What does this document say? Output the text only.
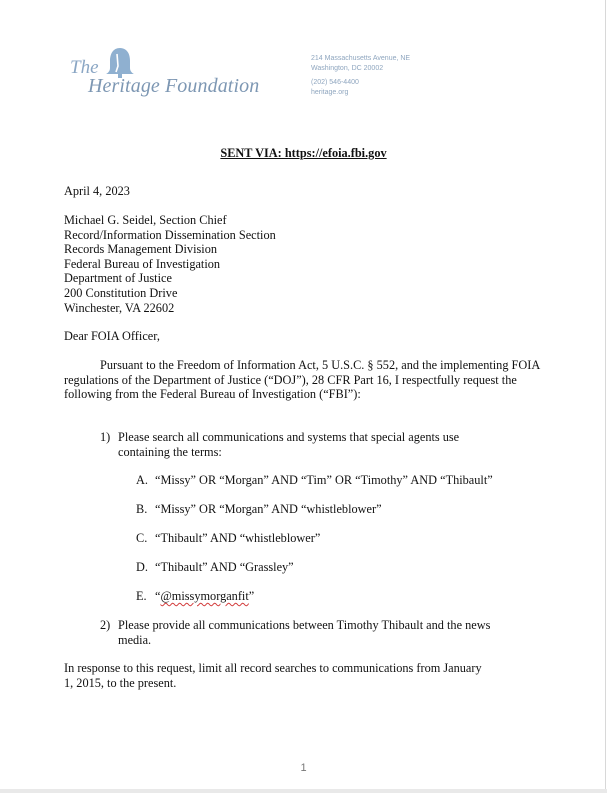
The
Heritage Foundation
214 Massachusetts Avenue, NE
Washington, DC 20002
(202) 546-4400
heritage.org
SENT VIA: https://efoia.fbi.gov
April 4, 2023
Michael G. Seidel, Section Chief
Record/Information Dissemination Section
Records Management Division
Federal Bureau of Investigation
Department of Justice
200 Constitution Drive
Winchester, VA 22602
Dear FOIA Officer,
Pursuant to the Freedom of Information Act, 5 U.S.C. § 552, and the implementing FOIA regulations of the Department of Justice (“DOJ”), 28 CFR Part 16, I respectfully request the following from the Federal Bureau of Investigation (“FBI”):
1) Please search all communications and systems that special agents use
containing the terms:
A. “Missy” OR “Morgan” AND “Tim” OR “Timothy” AND “Thibault”
B. “Missy” OR “Morgan” AND “whistleblower”
C. “Thibault” AND “whistleblower”
D. “Thibault” AND “Grassley”
E. “@missymorganfit”
2) Please provide all communications between Timothy Thibault and the news
media.
In response to this request, limit all record searches to communications from January
1, 2015, to the present.
1
